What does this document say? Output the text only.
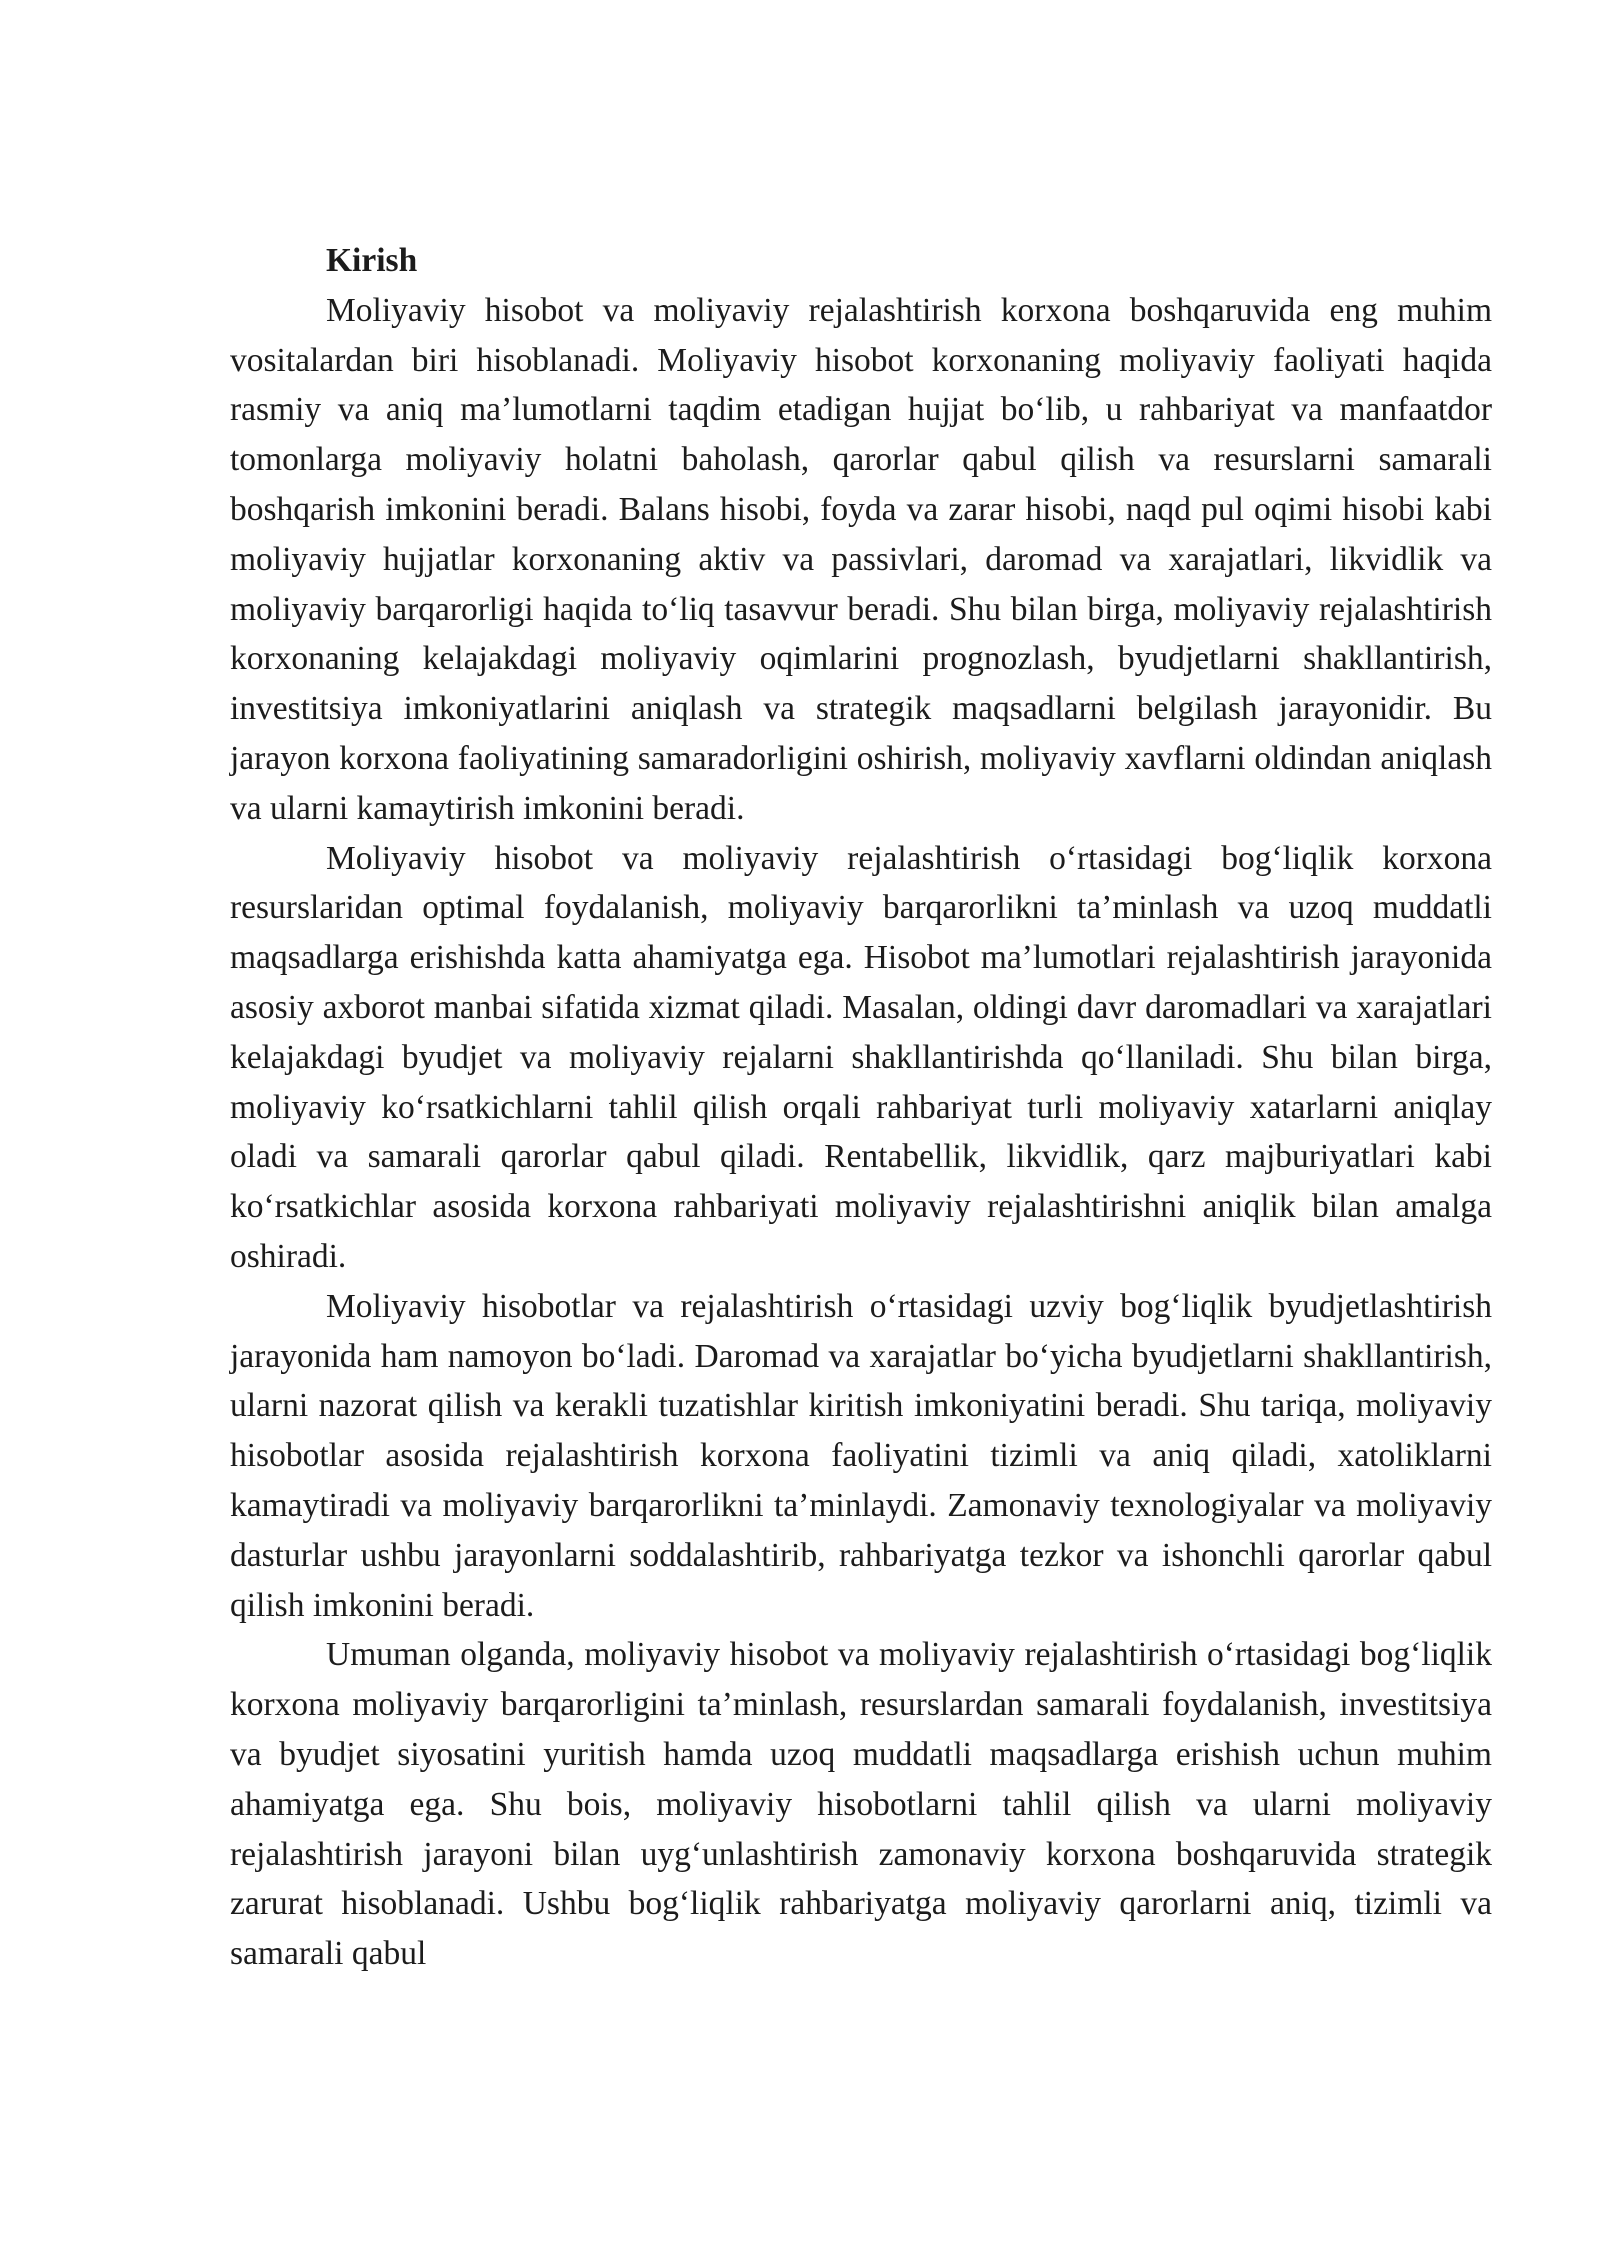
Kirish

Moliyaviy hisobot va moliyaviy rejalashtirish korxona boshqaruvida eng muhim vositalardan biri hisoblanadi. Moliyaviy hisobot korxonaning moliyaviy faoliyati haqida rasmiy va aniq ma’lumotlarni taqdim etadigan hujjat bo‘lib, u rahbariyat va manfaatdor tomonlarga moliyaviy holatni baholash, qarorlar qabul qilish va resurslarni samarali boshqarish imkonini beradi. Balans hisobi, foyda va zarar hisobi, naqd pul oqimi hisobi kabi moliyaviy hujjatlar korxonaning aktiv va passivlari, daromad va xarajatlari, likvidlik va moliyaviy barqarorligi haqida to‘liq tasavvur beradi. Shu bilan birga, moliyaviy rejalashtirish korxonaning kelajakdagi moliyaviy oqimlarini prognozlash, byudjetlarni shakllantirish, investitsiya imkoniyatlarini aniqlash va strategik maqsadlarni belgilash jarayonidir. Bu jarayon korxona faoliyatining samaradorligini oshirish, moliyaviy xavflarni oldindan aniqlash va ularni kamaytirish imkonini beradi.

Moliyaviy hisobot va moliyaviy rejalashtirish o‘rtasidagi bog‘liqlik korxona resurslaridan optimal foydalanish, moliyaviy barqarorlikni ta’minlash va uzoq muddatli maqsadlarga erishishda katta ahamiyatga ega. Hisobot ma’lumotlari rejalashtirish jarayonida asosiy axborot manbai sifatida xizmat qiladi. Masalan, oldingi davr daromadlari va xarajatlari kelajakdagi byudjet va moliyaviy rejalarni shakllantirishda qo‘llaniladi. Shu bilan birga, moliyaviy ko‘rsatkichlarni tahlil qilish orqali rahbariyat turli moliyaviy xatarlarni aniqlay oladi va samarali qarorlar qabul qiladi. Rentabellik, likvidlik, qarz majburiyatlari kabi ko‘rsatkichlar asosida korxona rahbariyati moliyaviy rejalashtirishni aniqlik bilan amalga oshiradi.

Moliyaviy hisobotlar va rejalashtirish o‘rtasidagi uzviy bog‘liqlik byudjetlashtirish jarayonida ham namoyon bo‘ladi. Daromad va xarajatlar bo‘yicha byudjetlarni shakllantirish, ularni nazorat qilish va kerakli tuzatishlar kiritish imkoniyatini beradi. Shu tariqa, moliyaviy hisobotlar asosida rejalashtirish korxona faoliyatini tizimli va aniq qiladi, xatoliklarni kamaytiradi va moliyaviy barqarorlikni ta’minlaydi. Zamonaviy texnologiyalar va moliyaviy dasturlar ushbu jarayonlarni soddalashtirib, rahbariyatga tezkor va ishonchli qarorlar qabul qilish imkonini beradi.

Umuman olganda, moliyaviy hisobot va moliyaviy rejalashtirish o‘rtasidagi bog‘liqlik korxona moliyaviy barqarorligini ta’minlash, resurslardan samarali foydalanish, investitsiya va byudjet siyosatini yuritish hamda uzoq muddatli maqsadlarga erishish uchun muhim ahamiyatga ega. Shu bois, moliyaviy hisobotlarni tahlil qilish va ularni moliyaviy rejalashtirish jarayoni bilan uyg‘unlashtirish zamonaviy korxona boshqaruvida strategik zarurat hisoblanadi. Ushbu bog‘liqlik rahbariyatga moliyaviy qarorlarni aniq, tizimli va samarali qabul
